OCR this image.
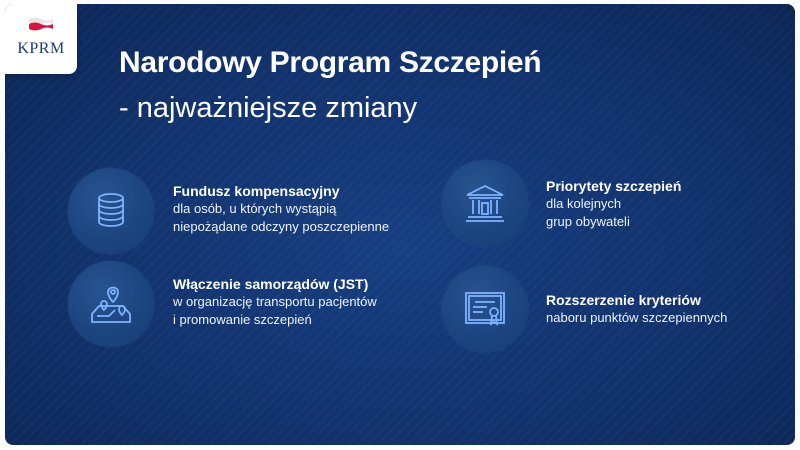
KPRM	Narodowy Program Szczepień
- najważniejsze zmiany
Fundusz kompensacyjny
dla osób, u których wystąpią
niepożądane odczyny poszczepienne
Priorytety szczepień
dla kolejnych
grup obywateli
Włączenie samorządów (JST)
w organizację transportu pacjentów
i promowanie szczepień
Rozszerzenie kryteriów
naboru punktów szczepiennych
